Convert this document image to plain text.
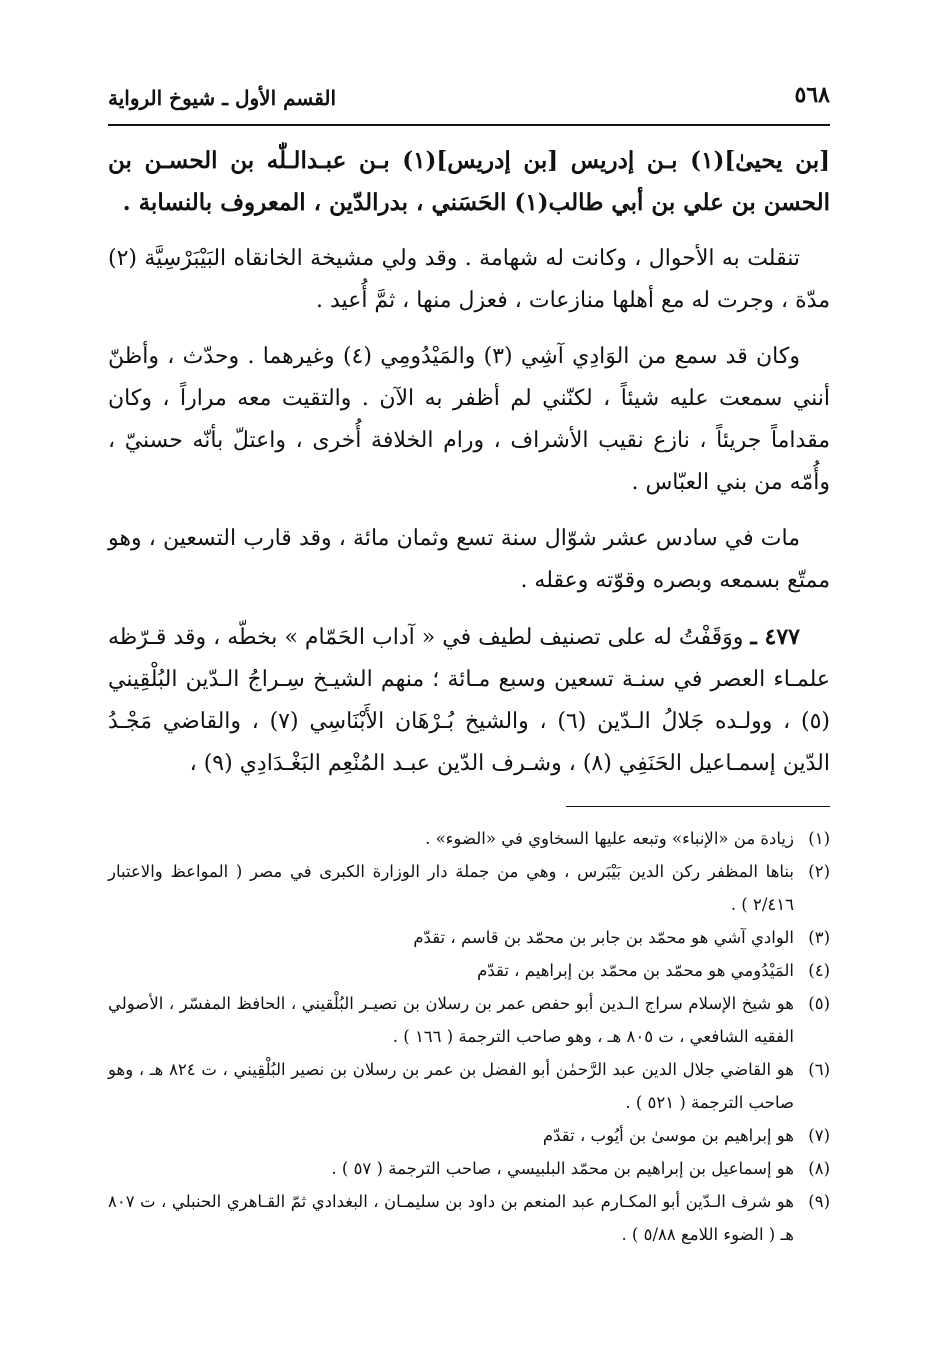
٥٦٨
القسم الأول ـ شيوخ الرواية

[بن يحيىٰ](١) بـن إدريس [بن إدريس](١) بـن عبـدالـلّٰه بن الحسـن بن الحسن بن علي بن أبي طالب(١) الحَسَني ، بدرالدّين ، المعروف بالنسابة .

تنقلت به الأحوال ، وكانت له شهامة . وقد ولي مشيخة الخانقاه البَيْبَرْسِيَّة (٢) مدّة ، وجرت له مع أهلها منازعات ، فعزل منها ، ثمَّ أُعيد .

وكان قد سمع من الوَادِي آشِي (٣) والمَيْدُومِي (٤) وغيرهما . وحدّث ، وأظنّ أنني سمعت عليه شيئاً ، لكنّني لم أظفر به الآن . والتقيت معه مراراً ، وكان مقداماً جريئاً ، نازع نقيب الأشراف ، ورام الخلافة أُخرى ، واعتلّ بأنّه حسنيّ ، وأُمّه من بني العبّاس .

مات في سادس عشر شوّال سنة تسع وثمان مائة ، وقد قارب التسعين ، وهو ممتّع بسمعه وبصره وقوّته وعقله .

٤٧٧ ـ ووَقَفْتُ له على تصنيف لطيف في « آداب الحَمّام » بخطّه ، وقد قـرّظه علمـاء العصر في سنـة تسعين وسبع مـائة ؛ منهم الشيـخ سِـراجُ الـدّين البُلْقِيني (٥) ، وولـده جَلالُ الـدّين (٦) ، والشيخ بُـرْهَان الأَبْنَاسِي (٧) ، والقاضي مَجْـدُ الدّين إسمـاعيل الحَنَفِي (٨) ، وشـرف الدّين عبـد المُنْعِم البَغْـدَادِي (٩) ،

(١)
زيادة من «الإنباء» وتبعه عليها السخاوي في «الضوء» .

(٢)
بناها المظفر ركن الدين بَيْبَرس ، وهي من جملة دار الوزارة الكبرى في مصر ( المواعظ والاعتبار ٢/٤١٦ ) .

(٣)
الوادي آشي هو محمّد بن جابر بن محمّد بن قاسم ، تقدّم

(٤)
المَيْدُومي هو محمّد بن محمّد بن إبراهيم ، تقدّم

(٥)
هو شيخ الإسلام سراج الـدين أبو حفص عمر بن رسلان بن نصيـر البُلْقيني ، الحافظ المفسّر ، الأصولي الفقيه الشافعي ، ت ٨٠٥ هـ ، وهو صاحب الترجمة ( ١٦٦ ) .

(٦)
هو القاضي جلال الدين عبد الرَّحمٰن أبو الفضل بن عمر بن رسلان بن نصير البُلْقِيني ، ت ٨٢٤ هـ ، وهو صاحب الترجمة ( ٥٢١ ) .

(٧)
هو إبراهيم بن موسىٰ بن أيُوب ، تقدّم

(٨)
هو إسماعيل بن إبراهيم بن محمّد البلبيسي ، صاحب الترجمة ( ٥٧ ) .

(٩)
هو شرف الـدّين أبو المكـارم عبد المنعم بن داود بن سليمـان ، البغدادي ثمّ القـاهري الحنبلي ، ت ٨٠٧ هـ ( الضوء اللامع ٥/٨٨ ) .
